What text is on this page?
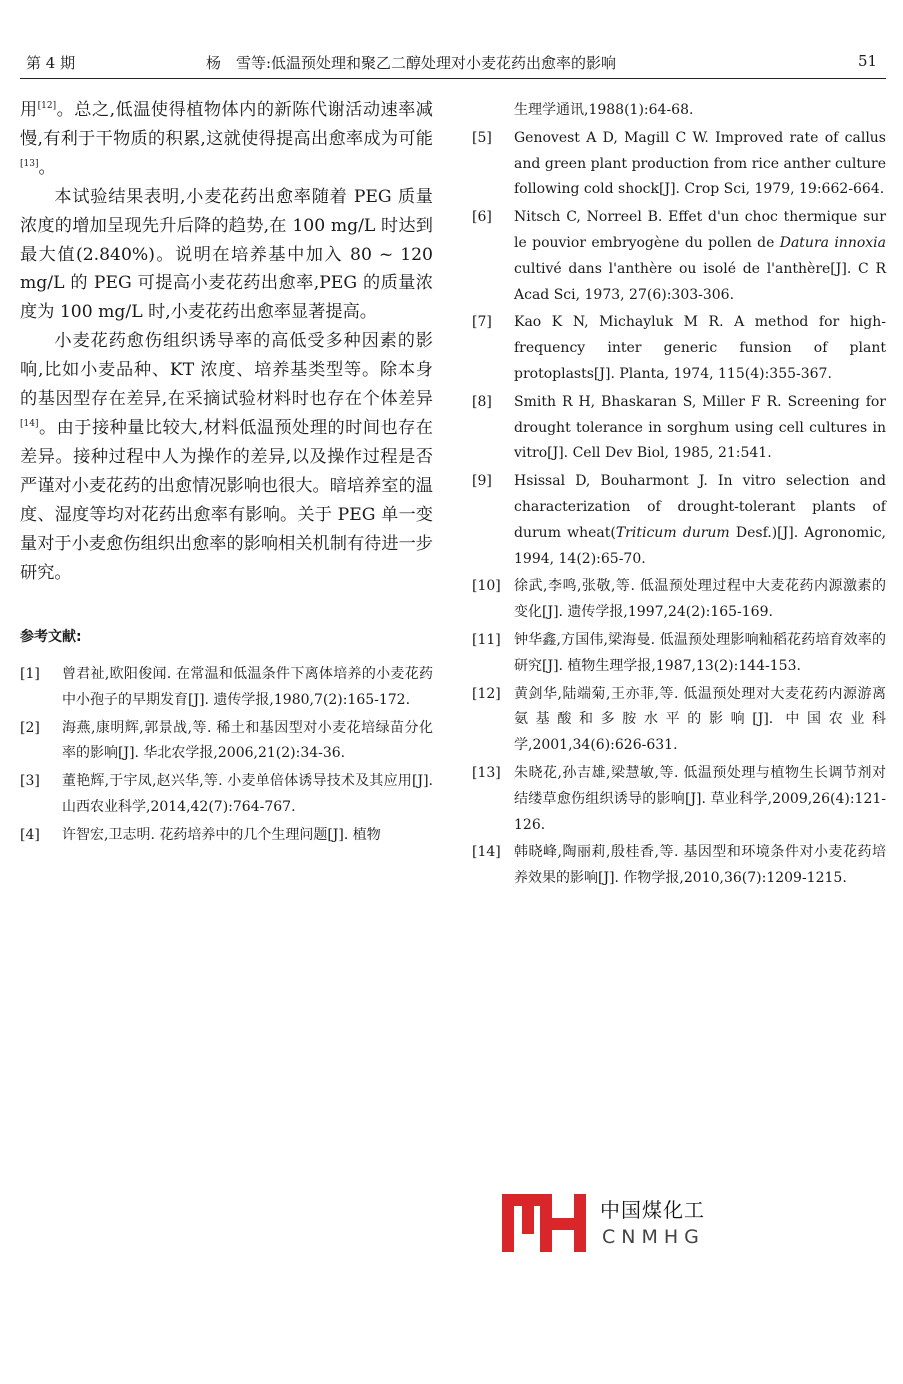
第 4 期	杨　雪等:低温预处理和聚乙二醇处理对小麦花药出愈率的影响	51

用[12]。总之,低温使得植物体内的新陈代谢活动速率减慢,有利于干物质的积累,这就使得提高出愈率成为可能[13]。

本试验结果表明,小麦花药出愈率随着 PEG 质量浓度的增加呈现先升后降的趋势,在 100 mg/L 时达到最大值(2.840%)。说明在培养基中加入 80 ~ 120 mg/L 的 PEG 可提高小麦花药出愈率,PEG 的质量浓度为 100 mg/L 时,小麦花药出愈率显著提高。

小麦花药愈伤组织诱导率的高低受多种因素的影响,比如小麦品种、KT 浓度、培养基类型等。除本身的基因型存在差异,在采摘试验材料时也存在个体差异[14]。由于接种量比较大,材料低温预处理的时间也存在差异。接种过程中人为操作的差异,以及操作过程是否严谨对小麦花药的出愈情况影响也很大。暗培养室的温度、湿度等均对花药出愈率有影响。关于 PEG 单一变量对于小麦愈伤组织出愈率的影响相关机制有待进一步研究。

参考文献:
[1] 曾君祉,欧阳俊闻. 在常温和低温条件下离体培养的小麦花药中小孢子的早期发育[J]. 遗传学报,1980,7(2):165-172.
[2] 海燕,康明辉,郭景战,等. 稀土和基因型对小麦花培绿苗分化率的影响[J]. 华北农学报,2006,21(2):34-36.
[3] 董艳辉,于宇凤,赵兴华,等. 小麦单倍体诱导技术及其应用[J]. 山西农业科学,2014,42(7):764-767.
[4] 许智宏,卫志明. 花药培养中的几个生理问题[J]. 植物
生理学通讯,1988(1):64-68.
[5] Genovest A D, Magill C W. Improved rate of callus and green plant production from rice anther culture following cold shock[J]. Crop Sci, 1979, 19:662-664.
[6] Nitsch C, Norreel B. Effet d'un choc thermique sur le pouvior embryogène du pollen de Datura innoxia cultivé dans l'anthère ou isolé de l'anthère[J]. C R Acad Sci, 1973, 27(6):303-306.
[7] Kao K N, Michayluk M R. A method for high-frequency inter generic funsion of plant protoplasts[J]. Planta, 1974, 115(4):355-367.
[8] Smith R H, Bhaskaran S, Miller F R. Screening for drought tolerance in sorghum using cell cultures in vitro[J]. Cell Dev Biol, 1985, 21:541.
[9] Hsissal D, Bouharmont J. In vitro selection and characterization of drought-tolerant plants of durum wheat(Triticum durum Desf.)[J]. Agronomic, 1994, 14(2):65-70.
[10] 徐武,李鸣,张敬,等. 低温预处理过程中大麦花药内源激素的变化[J]. 遗传学报,1997,24(2):165-169.
[11] 钟华鑫,方国伟,梁海曼. 低温预处理影响籼稻花药培育效率的研究[J]. 植物生理学报,1987,13(2):144-153.
[12] 黄剑华,陆端菊,王亦菲,等. 低温预处理对大麦花药内源游离氨基酸和多胺水平的影响[J]. 中国农业科学,2001,34(6):626-631.
[13] 朱晓花,孙吉雄,梁慧敏,等. 低温预处理与植物生长调节剂对结缕草愈伤组织诱导的影响[J]. 草业科学,2009,26(4):121-126.
[14] 韩晓峰,陶丽莉,殷桂香,等. 基因型和环境条件对小麦花药培养效果的影响[J]. 作物学报,2010,36(7):1209-1215.
中国煤化工
CNMHG
